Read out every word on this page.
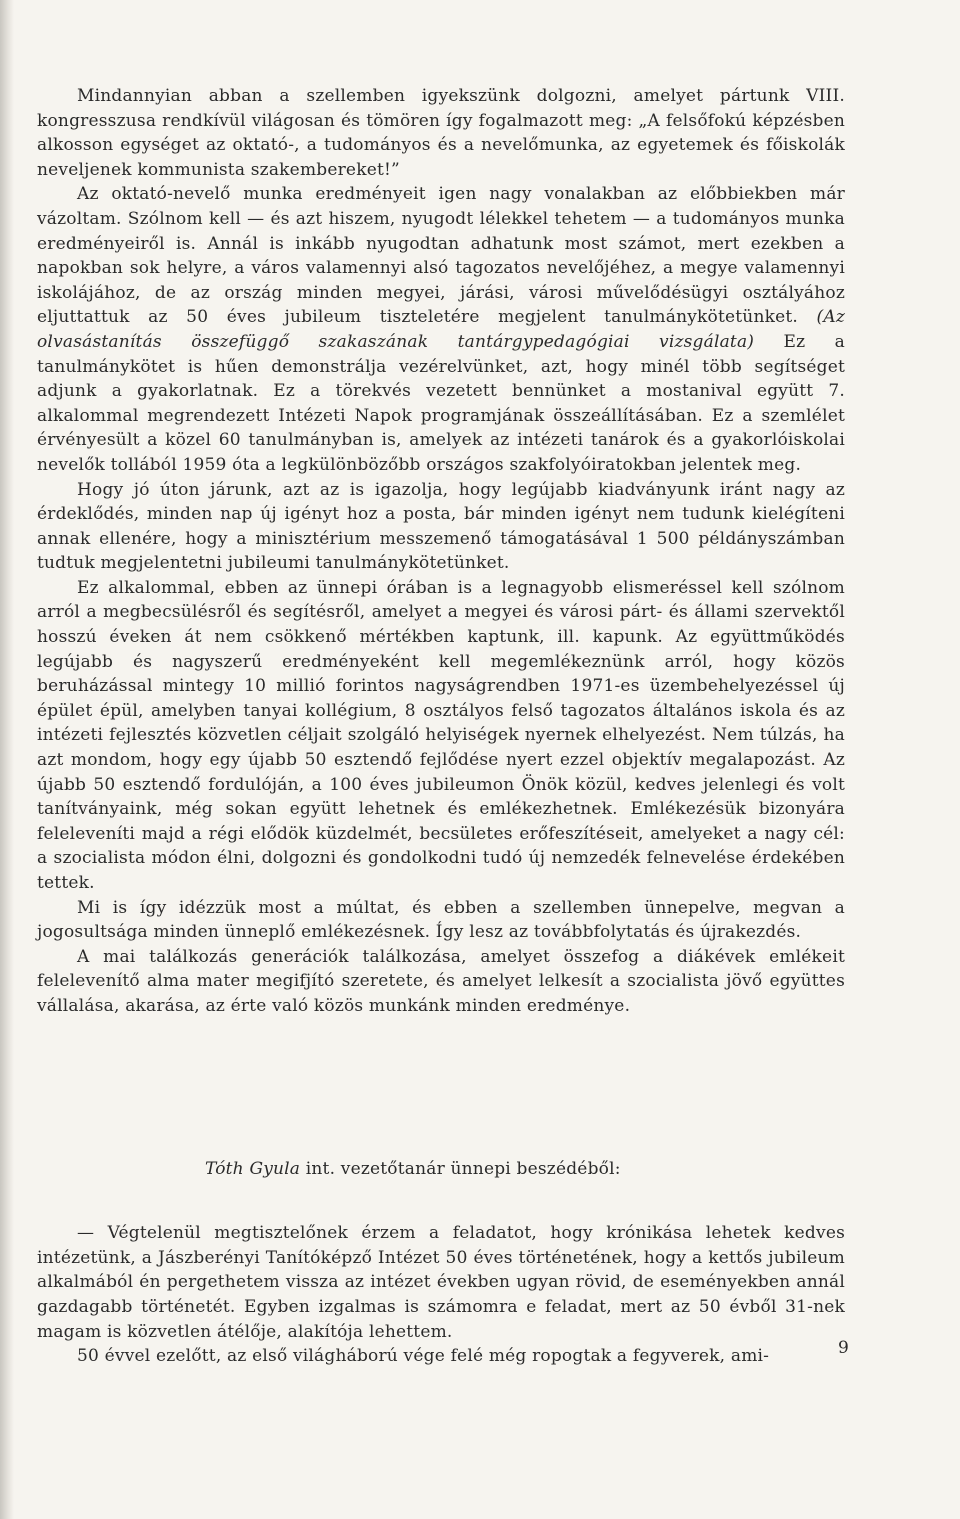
Mindannyian abban a szellemben igyekszünk dolgozni, amelyet pártunk VIII. kongresszusa rendkívül világosan és tömören így fogalmazott meg: „A felsőfokú képzésben alkosson egységet az oktató-, a tudományos és a nevelőmunka, az egyetemek és főiskolák neveljenek kommunista szakembereket!”

Az oktató-nevelő munka eredményeit igen nagy vonalakban az előbbiekben már vázoltam. Szólnom kell — és azt hiszem, nyugodt lélekkel tehetem — a tudományos munka eredményeiről is. Annál is inkább nyugodtan adhatunk most számot, mert ezekben a napokban sok helyre, a város valamennyi alsó tagozatos nevelőjéhez, a megye valamennyi iskolájához, de az ország minden megyei, járási, városi művelődésügyi osztályához eljuttattuk az 50 éves jubileum tiszteletére megjelent tanulmánykötetünket. (Az olvasástanítás összefüggő szakaszának tantárgypedagógiai vizsgálata) Ez a tanulmánykötet is hűen demonstrálja vezérelvünket, azt, hogy minél több segítséget adjunk a gyakorlatnak. Ez a törekvés vezetett bennünket a mostanival együtt 7. alkalommal megrendezett Intézeti Napok programjának összeállításában. Ez a szemlélet érvényesült a közel 60 tanulmányban is, amelyek az intézeti tanárok és a gyakorlóiskolai nevelők tollából 1959 óta a legkülönbözőbb országos szakfolyóiratokban jelentek meg.

Hogy jó úton járunk, azt az is igazolja, hogy legújabb kiadványunk iránt nagy az érdeklődés, minden nap új igényt hoz a posta, bár minden igényt nem tudunk kielégíteni annak ellenére, hogy a minisztérium messzemenő támogatásával 1 500 példányszámban tudtuk megjelentetni jubileumi tanulmánykötetünket.

Ez alkalommal, ebben az ünnepi órában is a legnagyobb elismeréssel kell szólnom arról a megbecsülésről és segítésről, amelyet a megyei és városi párt- és állami szervektől hosszú éveken át nem csökkenő mértékben kaptunk, ill. kapunk. Az együttműködés legújabb és nagyszerű eredményeként kell megemlékeznünk arról, hogy közös beruházással mintegy 10 millió forintos nagyságrendben 1971-es üzembehelyezéssel új épület épül, amelyben tanyai kollégium, 8 osztályos felső tagozatos általános iskola és az intézeti fejlesztés közvetlen céljait szolgáló helyiségek nyernek elhelyezést. Nem túlzás, ha azt mondom, hogy egy újabb 50 esztendő fejlődése nyert ezzel objektív megalapozást. Az újabb 50 esztendő fordulóján, a 100 éves jubileumon Önök közül, kedves jelenlegi és volt tanítványaink, még sokan együtt lehetnek és emlékezhetnek. Emlékezésük bizonyára feleleveníti majd a régi elődök küzdelmét, becsületes erőfeszítéseit, amelyeket a nagy cél: a szocialista módon élni, dolgozni és gondolkodni tudó új nemzedék felnevelése érdekében tettek.

Mi is így idézzük most a múltat, és ebben a szellemben ünnepelve, megvan a jogosultsága minden ünneplő emlékezésnek. Így lesz az továbbfolytatás és újrakezdés.

A mai találkozás generációk találkozása, amelyet összefog a diákévek emlékeit felelevenítő alma mater megifjító szeretete, és amelyet lelkesít a szocialista jövő együttes vállalása, akarása, az érte való közös munkánk minden eredménye.

Tóth Gyula int. vezetőtanár ünnepi beszédéből:

— Végtelenül megtisztelőnek érzem a feladatot, hogy krónikása lehetek kedves intézetünk, a Jászberényi Tanítóképző Intézet 50 éves történetének, hogy a kettős jubileum alkalmából én pergethetem vissza az intézet években ugyan rövid, de eseményekben annál gazdagabb történetét. Egyben izgalmas is számomra e feladat, mert az 50 évből 31-nek magam is közvetlen átélője, alakítója lehettem.

50 évvel ezelőtt, az első világháború vége felé még ropogtak a fegyverek, ami-	9
